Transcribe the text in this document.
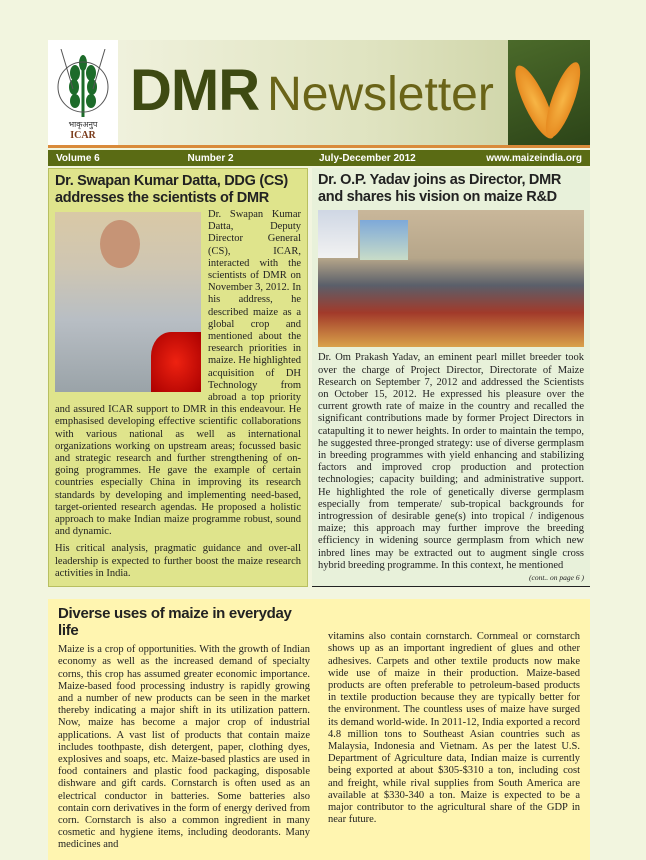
भाकृअनुप
ICAR
DMR Newsletter
Volume 6	Number 2	July-December 2012	www.maizeindia.org
Dr. Swapan Kumar Datta, DDG (CS) addresses the scientists of DMR

Dr. Swapan Kumar Datta, Deputy Director General (CS), ICAR, interacted with the scientists of DMR on November 3, 2012. In his address, he described maize as a global crop and mentioned about the research priorities in maize. He highlighted acquisition of DH Technology from abroad a top priority and assured ICAR support to DMR in this endeavour. He emphasised developing effective scientific collaborations with various national as well as international organizations working on upstream areas; focussed basic and strategic research and further strengthening of on-going programmes. He gave the example of certain countries especially China in improving its research standards by developing and implementing need-based, target-oriented research agendas. He proposed a holistic approach to make Indian maize programme robust, sound and dynamic.

His critical analysis, pragmatic guidance and over-all leadership is expected to further boost the maize research activities in India.

Dr. O.P. Yadav joins as Director, DMR and shares his vision on maize R&D

Dr. Om Prakash Yadav, an eminent pearl millet breeder took over the charge of Project Director, Directorate of Maize Research on September 7, 2012 and addressed the Scientists on October 15, 2012. He expressed his pleasure over the current growth rate of maize in the country and recalled the significant contributions made by former Project Directors in catapulting it to newer heights. In order to maintain the tempo, he suggested three-pronged strategy: use of diverse germplasm in breeding programmes with yield enhancing and stabilizing factors and improved crop production and protection technologies; capacity building; and administrative support. He highlighted the role of genetically diverse germplasm especially from temperate/ sub-tropical backgrounds for introgression of desirable gene(s) into tropical / indigenous maize; this approach may further improve the breeding efficiency in widening source germplasm from which new inbred lines may be extracted out to augment single cross hybrid breeding programme. In this context, he mentioned

(cont.. on page 6 )
Diverse uses of maize in everyday life

Maize is a crop of opportunities. With the growth of Indian economy as well as the increased demand of specialty corns, this crop has assumed greater economic importance. Maize-based food processing industry is rapidly growing and a number of new products can be seen in the market thereby indicating a major shift in its utilization pattern. Now, maize has become a major crop of industrial applications. A vast list of products that contain maize includes toothpaste, dish detergent, paper, clothing dyes, explosives and soaps, etc. Maize-based plastics are used in food containers and plastic food packaging, disposable dishware and gift cards. Cornstarch is often used as an electrical conductor in batteries. Some batteries also contain corn derivatives in the form of energy derived from corn. Cornstarch is also a common ingredient in many cosmetic and hygiene items, including deodorants. Many medicines and

vitamins also contain cornstarch. Cornmeal or cornstarch shows up as an important ingredient of glues and other adhesives. Carpets and other textile products now make wide use of maize in their production. Maize-based products are often preferable to petroleum-based products in textile production because they are typically better for the environment. The countless uses of maize have surged its demand world-wide. In 2011-12, India exported a record 4.8 million tons to Southeast Asian countries such as Malaysia, Indonesia and Vietnam. As per the latest U.S. Department of Agriculture data, Indian maize is currently being exported at about $305-$310 a ton, including cost and freight, while rival supplies from South America are available at $330-340 a ton. Maize is expected to be a major contributor to the agricultural share of the GDP in near future.
